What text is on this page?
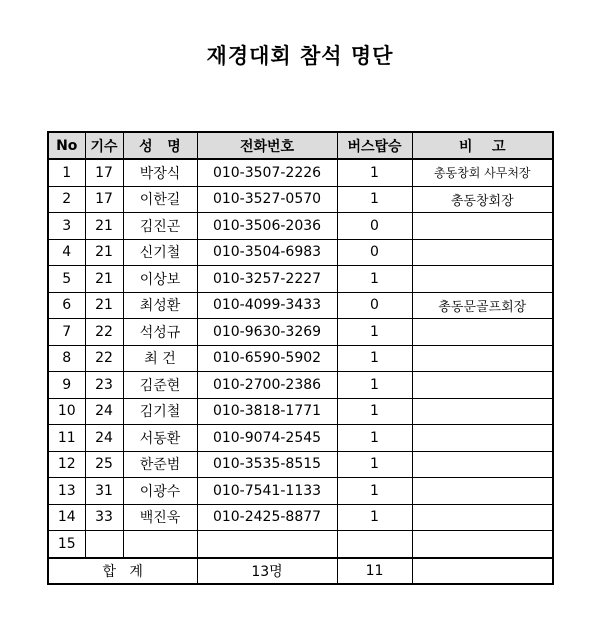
재경대회 참석 명단
No	기수	성   명	전화번호	버스탑승	비    고
1	17	박장식	010-3507-2226	1	총동창회 사무처장
2	17	이한길	010-3527-0570	1	총동창회장
3	21	김진곤	010-3506-2036	0	
4	21	신기철	010-3504-6983	0	
5	21	이상보	010-3257-2227	1	
6	21	최성환	010-4099-3433	0	총동문골프회장
7	22	석성규	010-9630-3269	1	
8	22	최 건	010-6590-5902	1	
9	23	김준현	010-2700-2386	1	
10	24	김기철	010-3818-1771	1	
11	24	서동환	010-9074-2545	1	
12	25	한준범	010-3535-8515	1	
13	31	이광수	010-7541-1133	1	
14	33	백진욱	010-2425-8877	1	
15					
합   계			13명	11	
